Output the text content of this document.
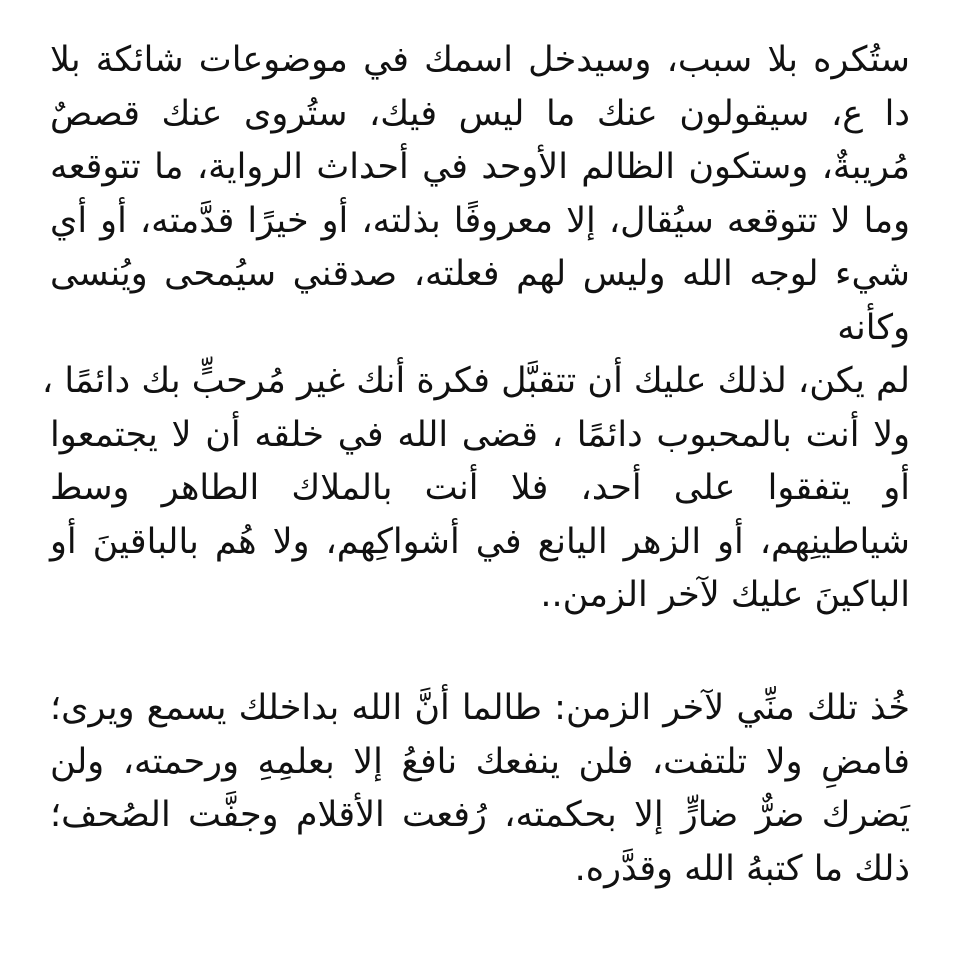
ستُكره بلا سبب، وسيدخل اسمك في موضوعات شائكة بلا
دا ع، سيقولون عنك ما ليس فيك، ستُروى عنك قصصٌ
مُريبةٌ، وستكون الظالم الأوحد في أحداث الرواية، ما تتوقعه
وما لا تتوقعه سيُقال، إلا معروفًا بذلته، أو خيرًا قدَّمته، أو أي
شيء لوجه الله وليس لهم فعلته، صدقني سيُمحى ويُنسى
وكأنه
لم يكن، لذلك عليك أن تتقبَّل فكرة أنك غير مُرحبٍّ بك دائمًا ،
ولا أنت بالمحبوب دائمًا ، قضى الله في خلقه أن لا يجتمعوا
أو يتفقوا على أحد، فلا أنت بالملاك الطاهر وسط
شياطينِهم، أو الزهر اليانع في أشواكِهم، ولا هُم بالباقينَ أو
الباكينَ عليك لآخر الزمن..
خُذ تلك منِّي لآخر الزمن: طالما أنَّ الله بداخلك يسمع ويرى؛
فامضِ ولا تلتفت، فلن ينفعك نافعُ إلا بعلمِهِ ورحمته، ولن
يَضرك ضرٌّ ضارٍّ إلا بحكمته، رُفعت الأقلام وجفَّت الصُحف؛
ذلك ما كتبهُ الله وقدَّره.
